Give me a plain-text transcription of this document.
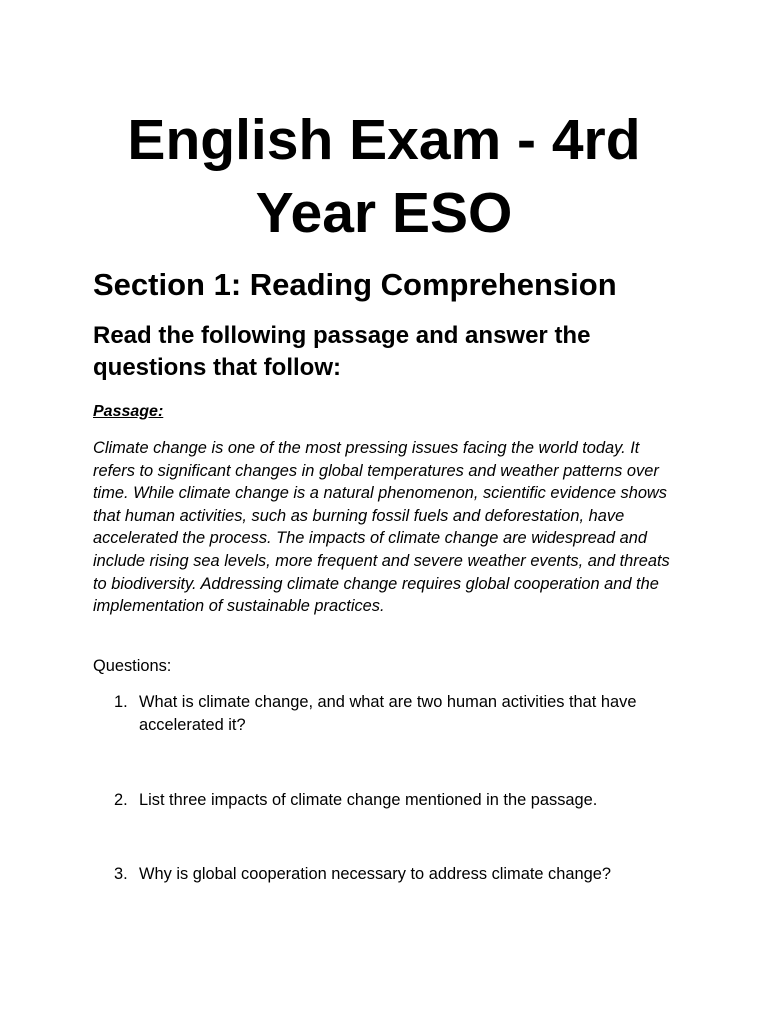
English Exam - 4rd Year ESO
Section 1: Reading Comprehension
Read the following passage and answer the questions that follow:

Passage:

Climate change is one of the most pressing issues facing the world today. It refers to significant changes in global temperatures and weather patterns over time. While climate change is a natural phenomenon, scientific evidence shows that human activities, such as burning fossil fuels and deforestation, have accelerated the process. The impacts of climate change are widespread and include rising sea levels, more frequent and severe weather events, and threats to biodiversity. Addressing climate change requires global cooperation and the implementation of sustainable practices.

Questions:

1. What is climate change, and what are two human activities that have accelerated it?
2. List three impacts of climate change mentioned in the passage.
3. Why is global cooperation necessary to address climate change?
